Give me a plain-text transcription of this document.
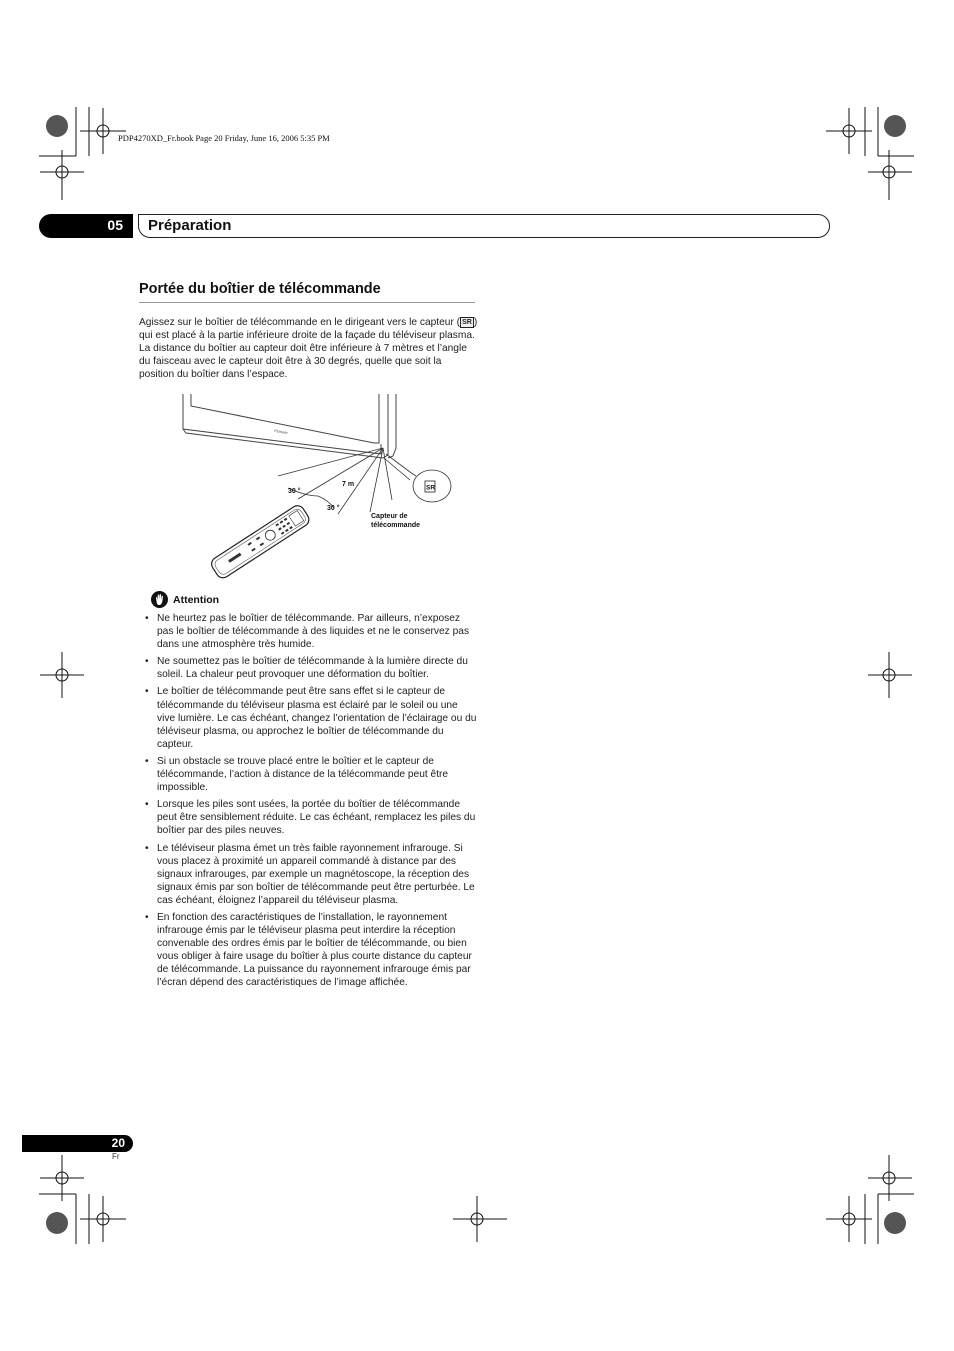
PDP4270XD_Fr.book Page 20 Friday, June 16, 2006 5:35 PM
05 Préparation
Portée du boîtier de télécommande
Agissez sur le boîtier de télécommande en le dirigeant vers le capteur ( SR ) qui est placé à la partie inférieure droite de la façade du téléviseur plasma. La distance du boîtier au capteur doit être inférieure à 7 mètres et l’angle du faisceau avec le capteur doit être à 30 degrés, quelle que soit la position du boîtier dans l’espace.
Pioneer
SR
30 °
7 m
30 °
Capteur de
télécommande
Attention
• Ne heurtez pas le boîtier de télécommande. Par ailleurs, n’exposez pas le boîtier de télécommande à des liquides et ne le conservez pas dans une atmosphère très humide.
• Ne soumettez pas le boîtier de télécommande à la lumière directe du soleil. La chaleur peut provoquer une déformation du boîtier.
• Le boîtier de télécommande peut être sans effet si le capteur de télécommande du téléviseur plasma est éclairé par le soleil ou une vive lumière. Le cas échéant, changez l’orientation de l’éclairage ou du téléviseur plasma, ou approchez le boîtier de télécommande du capteur.
• Si un obstacle se trouve placé entre le boîtier et le capteur de télécommande, l’action à distance de la télécommande peut être impossible.
• Lorsque les piles sont usées, la portée du boîtier de télécommande peut être sensiblement réduite. Le cas échéant, remplacez les piles du boîtier par des piles neuves.
• Le téléviseur plasma émet un très faible rayonnement infrarouge. Si vous placez à proximité un appareil commandé à distance par des signaux infrarouges, par exemple un magnétoscope, la réception des signaux émis par son boîtier de télécommande peut être perturbée. Le cas échéant, éloignez l’appareil du téléviseur plasma.
• En fonction des caractéristiques de l’installation, le rayonnement infrarouge émis par le téléviseur plasma peut interdire la réception convenable des ordres émis par le boîtier de télécommande, ou bien vous obliger à faire usage du boîtier à plus courte distance du capteur de télécommande. La puissance du rayonnement infrarouge émis par l’écran dépend des caractéristiques de l’image affichée.
20
Fr
